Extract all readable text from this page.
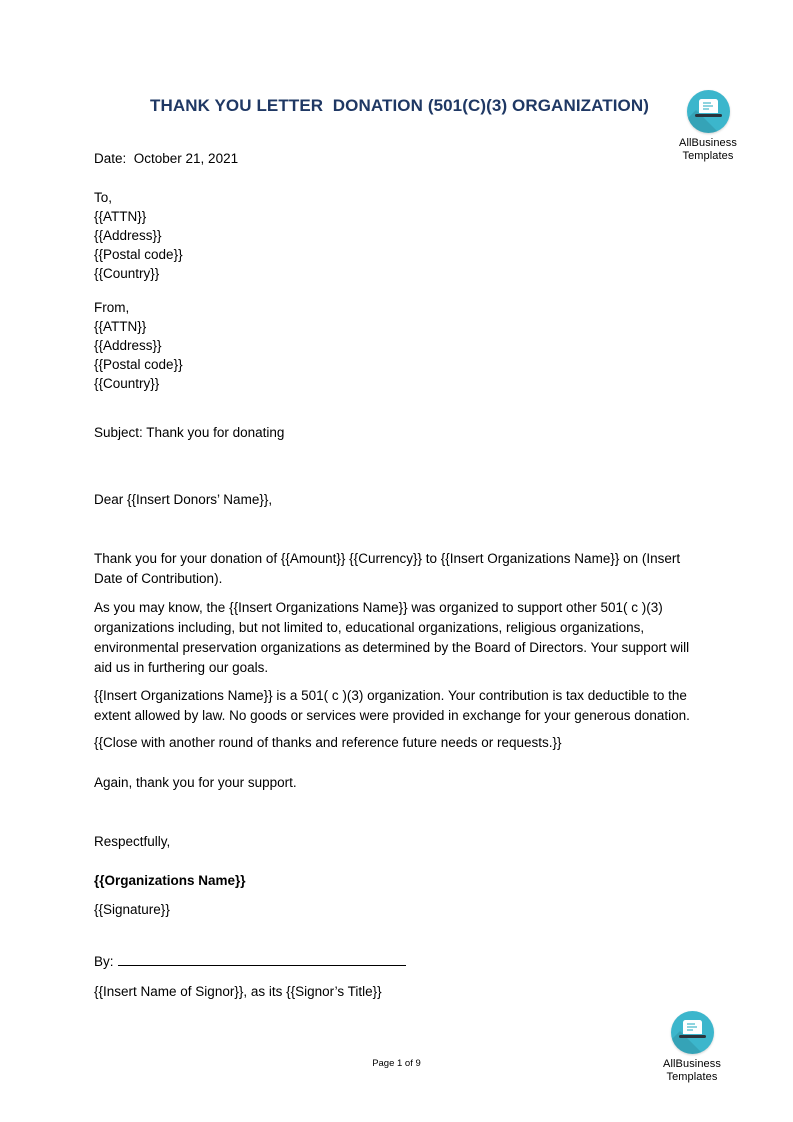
THANK YOU LETTER  DONATION (501(C)(3) ORGANIZATION)
AllBusiness
Templates
Date:  October 21, 2021
To,
{{ATTN}}
{{Address}}
{{Postal code}}
{{Country}}
From,
{{ATTN}}
{{Address}}
{{Postal code}}
{{Country}}
Subject: Thank you for donating
Dear {{Insert Donors’ Name}},

Thank you for your donation of {{Amount}} {{Currency}} to {{Insert Organizations Name}} on (Insert Date of Contribution).

As you may know, the {{Insert Organizations Name}} was organized to support other 501( c )(3) organizations including, but not limited to, educational organizations, religious organizations, environmental preservation organizations as determined by the Board of Directors. Your support will aid us in furthering our goals.

{{Insert Organizations Name}} is a 501( c )(3) organization. Your contribution is tax deductible to the extent allowed by law. No goods or services were provided in exchange for your generous donation.

{{Close with another round of thanks and reference future needs or requests.}}

Again, thank you for your support.

Respectfully,
{{Organizations Name}}
{{Signature}}
By:
{{Insert Name of Signor}}, as its {{Signor’s Title}}
Page 1 of 9	AllBusiness
Templates
